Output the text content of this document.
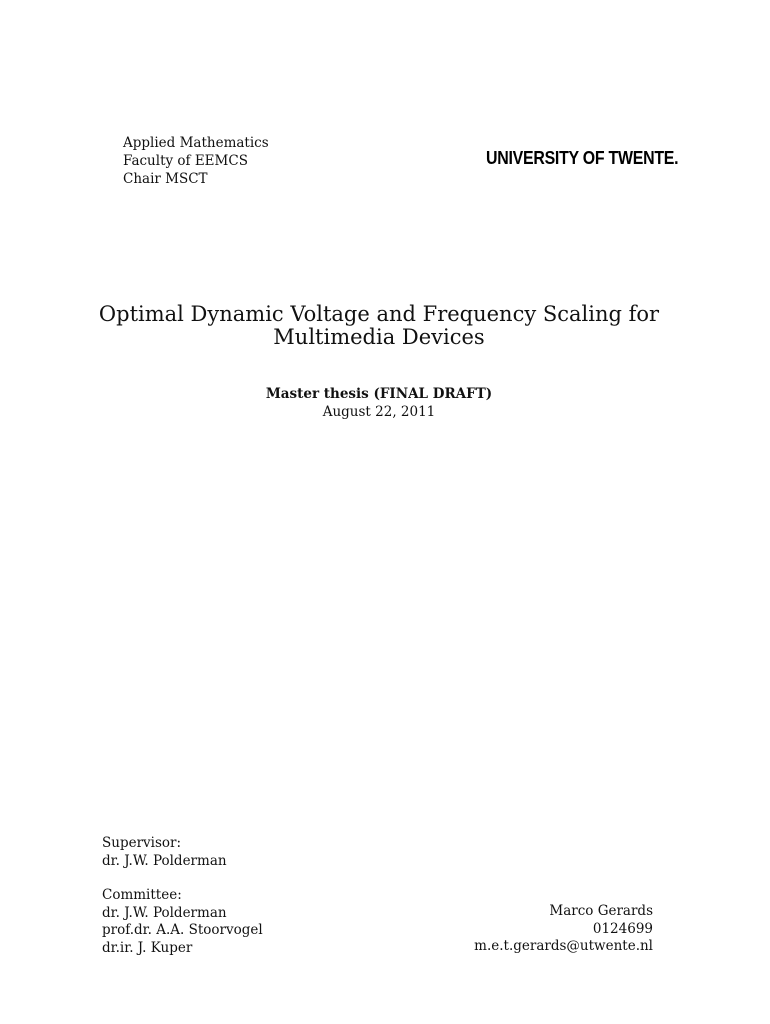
Applied Mathematics
Faculty of EEMCS
Chair MSCT
UNIVERSITY OF TWENTE.
Optimal Dynamic Voltage and Frequency Scaling for
Multimedia Devices
Master thesis (FINAL DRAFT)
August 22, 2011
Supervisor:
dr. J.W. Polderman
Committee:
dr. J.W. Polderman
prof.dr. A.A. Stoorvogel
dr.ir. J. Kuper
Marco Gerards
0124699
m.e.t.gerards@utwente.nl
